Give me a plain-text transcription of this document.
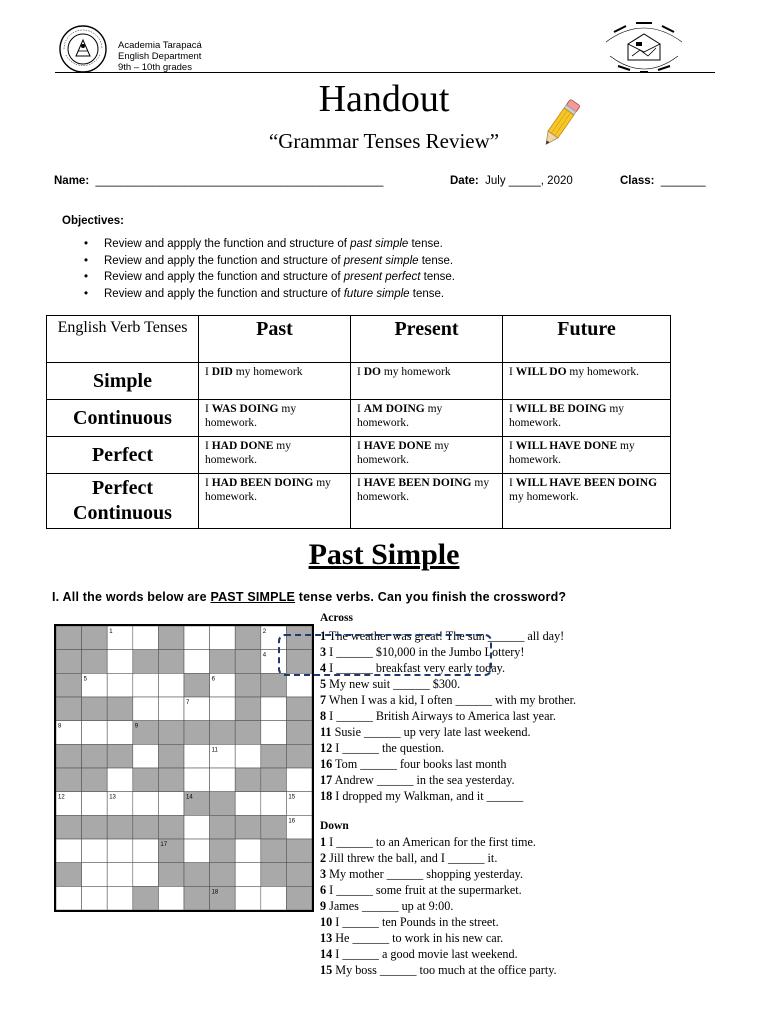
Academia Tarapacá
English Department
9th – 10th grades
Handout
“Grammar Tenses Review”
Name: _____________________________________________	Date: July _____, 2020	Class: _______
Objectives:
• Review and appply the function and structure of past simple tense.
• Review and apply the function and structure of present simple tense.
• Review and apply the function and structure of present perfect tense.
• Review and apply the function and structure of future simple tense.
English Verb Tenses	Past	Present	Future
Simple	I DID my homework	I DO my homework	I WILL DO my homework.
Continuous	I WAS DOING my homework.	I AM DOING my homework.	I WILL BE DOING my homework.
Perfect	I HAD DONE my homework.	I HAVE DONE my homework.	I WILL HAVE DONE my homework.
Perfect Continuous	I HAD BEEN DOING my homework.	I HAVE BEEN DOING my homework.	I WILL HAVE BEEN DOING my homework.
Past Simple
I. All the words below are PAST SIMPLE tense verbs. Can you finish the crossword?
1	2
4
5	6
7
8	9
11
12	13	14	15
16
17
18
Across
1 The weather was great! The sun ______ all day!
3 I ______ $10,000 in the Jumbo Lottery!
4 I ______ breakfast very early today.
5 My new suit ______ $300.
7 When I was a kid, I often ______ with my brother.
8 I ______ British Airways to America last year.
11 Susie ______ up very late last weekend.
12 I ______ the question.
16 Tom ______ four books last month
17 Andrew ______ in the sea yesterday.
18 I dropped my Walkman, and it ______
Down
1 I ______ to an American for the first time.
2 Jill threw the ball, and I ______ it.
3 My mother ______ shopping yesterday.
6 I ______ some fruit at the supermarket.
9 James ______ up at 9:00.
10 I ______ ten Pounds in the street.
13 He ______ to work in his new car.
14 I ______ a good movie last weekend.
15 My boss ______ too much at the office party.
